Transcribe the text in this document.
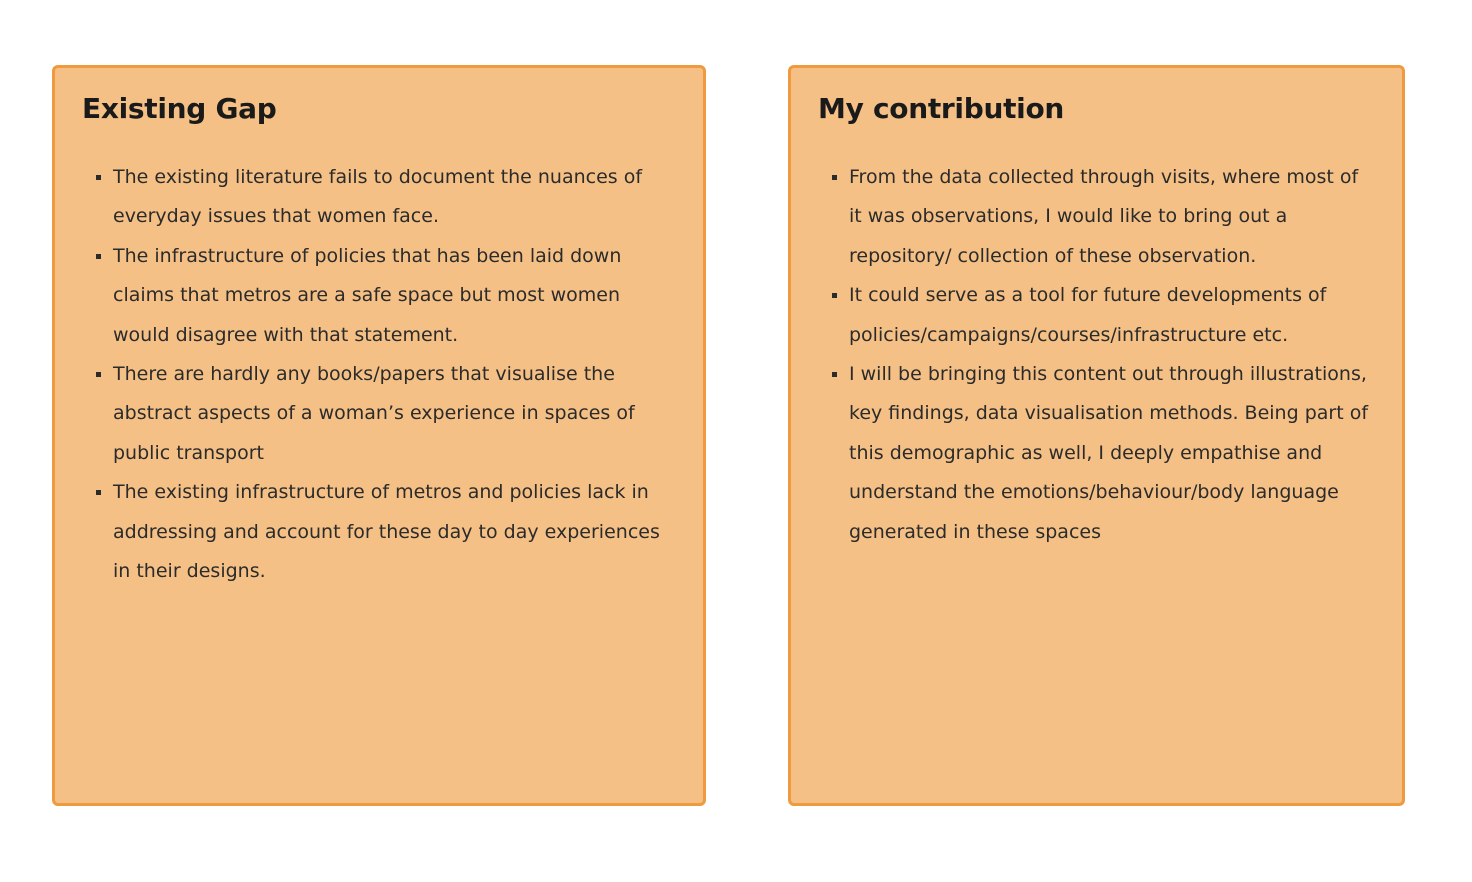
Existing Gap
The existing literature fails to document the nuances of everyday issues that women face.
The infrastructure of policies that has been laid down claims that metros are a safe space but most women would disagree with that statement.
There are hardly any books/papers that visualise the abstract aspects of a woman’s experience in spaces of public transport
The existing infrastructure of metros and policies lack in addressing and account for these day to day experiences in their designs.
My contribution
From the data collected through visits, where most of it was observations, I would like to bring out a repository/ collection of these observation.
It could serve as a tool for future developments of policies/campaigns/courses/infrastructure etc.
I will be bringing this content out through illustrations, key findings, data visualisation methods. Being part of this demographic as well, I deeply empathise and understand the emotions/behaviour/body language generated in these spaces
